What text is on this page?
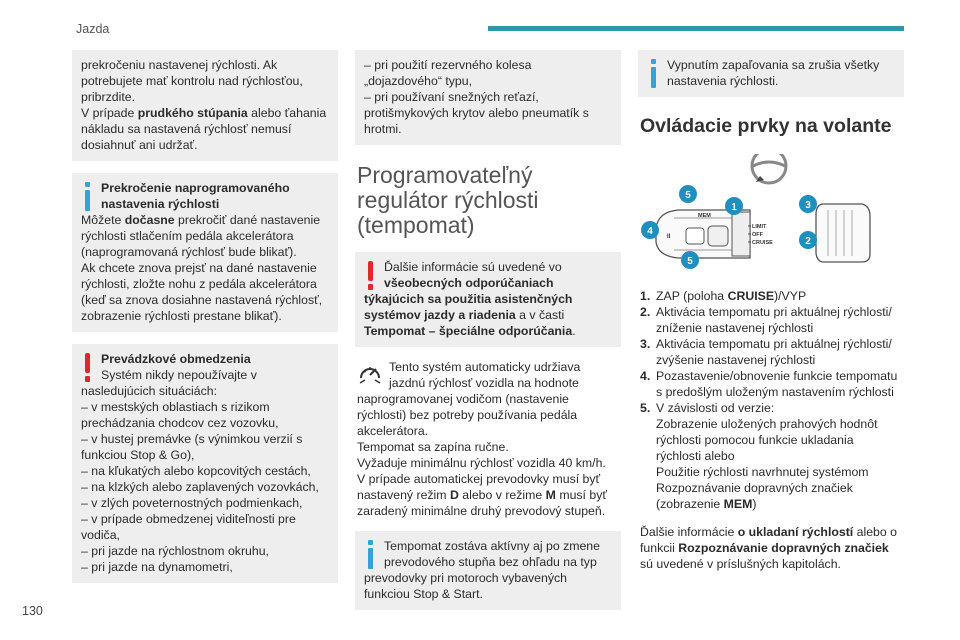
Jazda
130

prekročeniu nastavenej rýchlosti. Ak

potrebujete mať kontrolu nad rýchlosťou,

pribrzdite.

V prípade prudkého stúpania alebo ťahania nákladu sa nastavená rýchlosť nemusí dosiahnuť ani udržať.

Prekročenie naprogramovaného nastavenia rýchlosti

Môžete dočasne prekročiť dané nastavenie rýchlosti stlačením pedála akcelerátora (naprogramovaná rýchlosť bude blikať).

Ak chcete znova prejsť na dané nastavenie rýchlosti, zložte nohu z pedála akcelerátora (keď sa znova dosiahne nastavená rýchlosť, zobrazenie rýchlosti prestane blikať).

Prevádzkové obmedzenia

Systém nikdy nepoužívajte v nasledujúcich situáciách:

– v mestských oblastiach s rizikom prechádzania chodcov cez vozovku,

– v hustej premávke (s výnimkou verzií s funkciou Stop & Go),

– na kľukatých alebo kopcovitých cestách,

– na klzkých alebo zaplavených vozovkách,

– v zlých poveternostných podmienkach,

– v prípade obmedzenej viditeľnosti pre vodiča,

– pri jazde na rýchlostnom okruhu,

– pri jazde na dynamometri,

– pri použití rezervného kolesa „dojazdového“ typu,

– pri používaní snežných reťazí, protišmykových krytov alebo pneumatík s hrotmi.

Programovateľný regulátor rýchlosti (tempomat)

Ďalšie informácie sú uvedené vo všeobecných odporúčaniach týkajúcich sa použitia asistenčných systémov jazdy a riadenia a v časti Tempomat – špeciálne odporúčania.

Tento systém automaticky udržiava jazdnú rýchlosť vozidla na hodnote naprogramovanej vodičom (nastavenie rýchlosti) bez potreby používania pedála akcelerátora.

Tempomat sa zapína ručne.

Vyžaduje minimálnu rýchlosť vozidla 40 km/h.

V prípade automatickej prevodovky musí byť nastavený režim D alebo v režime M musí byť zaradený minimálne druhý prevodový stupeň.

Tempomat zostáva aktívny aj po zmene prevodového stupňa bez ohľadu na typ prevodovky pri motoroch vybavených funkciou Stop & Start.

Vypnutím zapaľovania sa zrušia všetky nastavenia rýchlosti.

Ovládacie prvky na volante
MEM
II
LIMIT
OFF
CRUISE
5
1
4
5
3
2
1. ZAP (poloha CRUISE)/VYP
2. Aktivácia tempomatu pri aktuálnej rýchlosti/ zníženie nastavenej rýchlosti
3. Aktivácia tempomatu pri aktuálnej rýchlosti/ zvýšenie nastavenej rýchlosti
4. Pozastavenie/obnovenie funkcie tempomatu s predošlým uloženým nastavením rýchlosti
5. V závislosti od verzie:
Zobrazenie uložených prahových hodnôt rýchlosti pomocou funkcie ukladania rýchlosti alebo
Použitie rýchlosti navrhnutej systémom Rozpoznávanie dopravných značiek
(zobrazenie MEM)

Ďalšie informácie o ukladaní rýchlostí alebo o funkcii Rozpoznávanie dopravných značiek sú uvedené v príslušných kapitolách.
